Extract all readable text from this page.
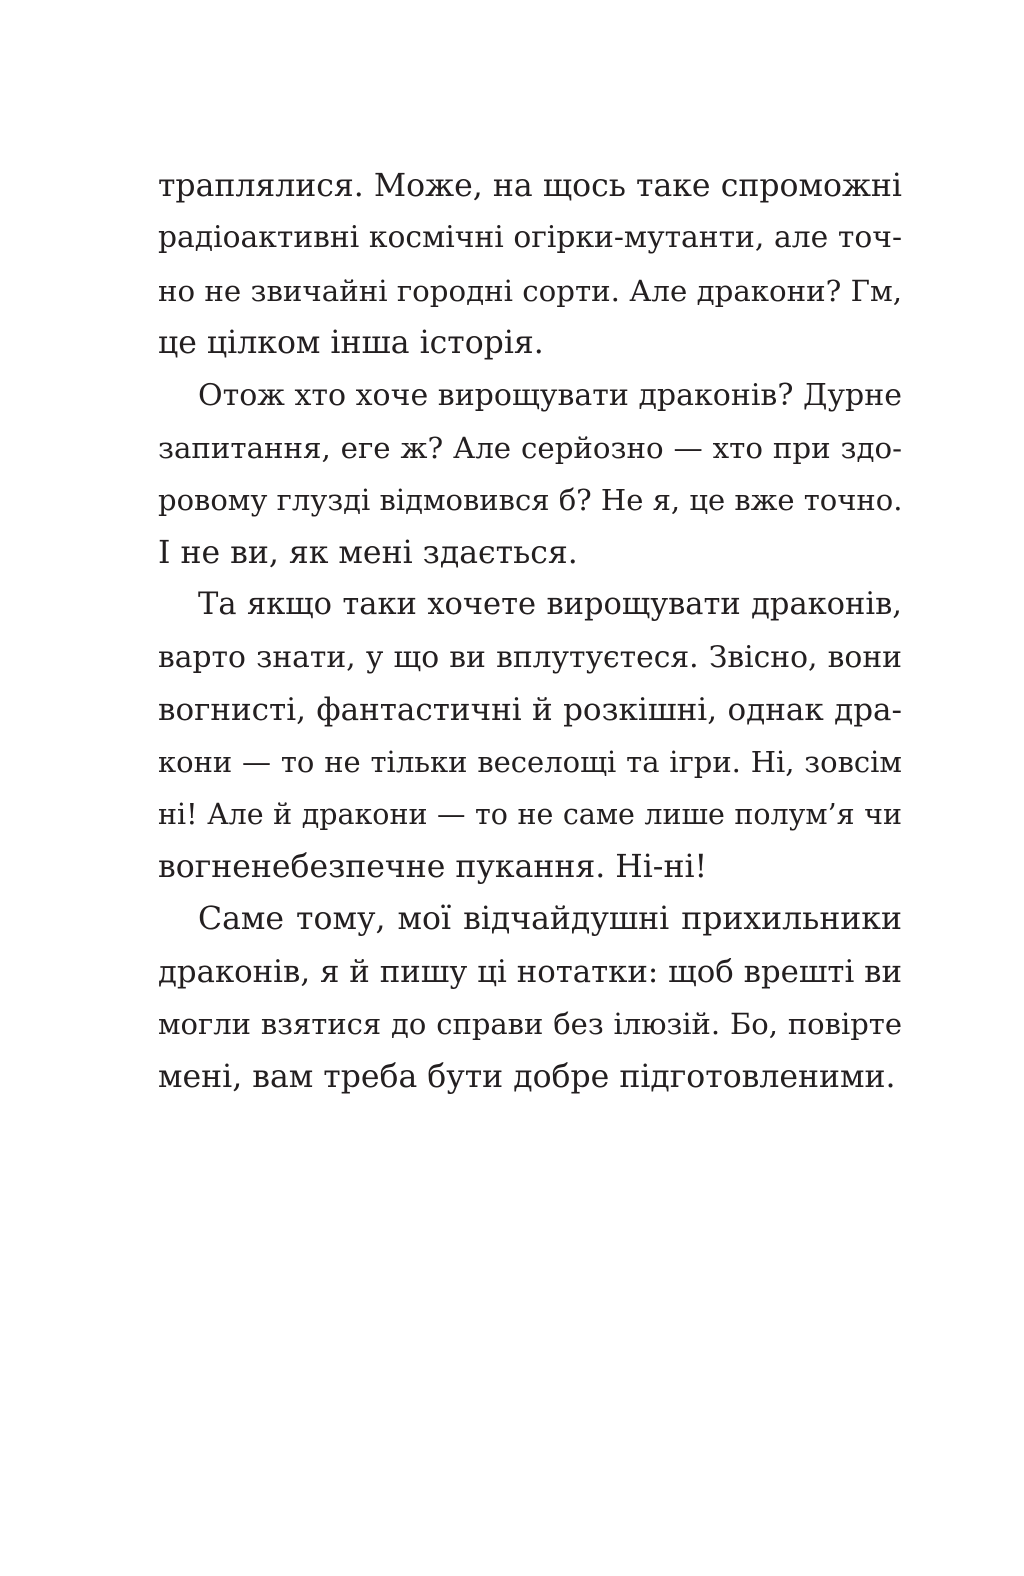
траплялися. Може, на щось таке спроможні
радіоактивні космічні огірки-мутанти, але точ-
но не звичайні городні сорти. Але дракони? Гм,
це цілком інша історія.
Отож хто хоче вирощувати драконів? Дурне
запитання, еге ж? Але серйозно — хто при здо-
ровому глузді відмовився б? Не я, це вже точно.
І не ви, як мені здається.
Та якщо таки хочете вирощувати драконів,
варто знати, у що ви вплутуєтеся. Звісно, вони
вогнисті, фантастичні й розкішні, однак дра-
кони — то не тільки веселощі та ігри. Ні, зовсім
ні! Але й дракони — то не саме лише полум’я чи
вогненебезпечне пукання. Ні-ні!
Саме тому, мої відчайдушні прихильники
драконів, я й пишу ці нотатки: щоб врешті ви
могли взятися до справи без ілюзій. Бо, повірте
мені, вам треба бути добре підготовленими.
